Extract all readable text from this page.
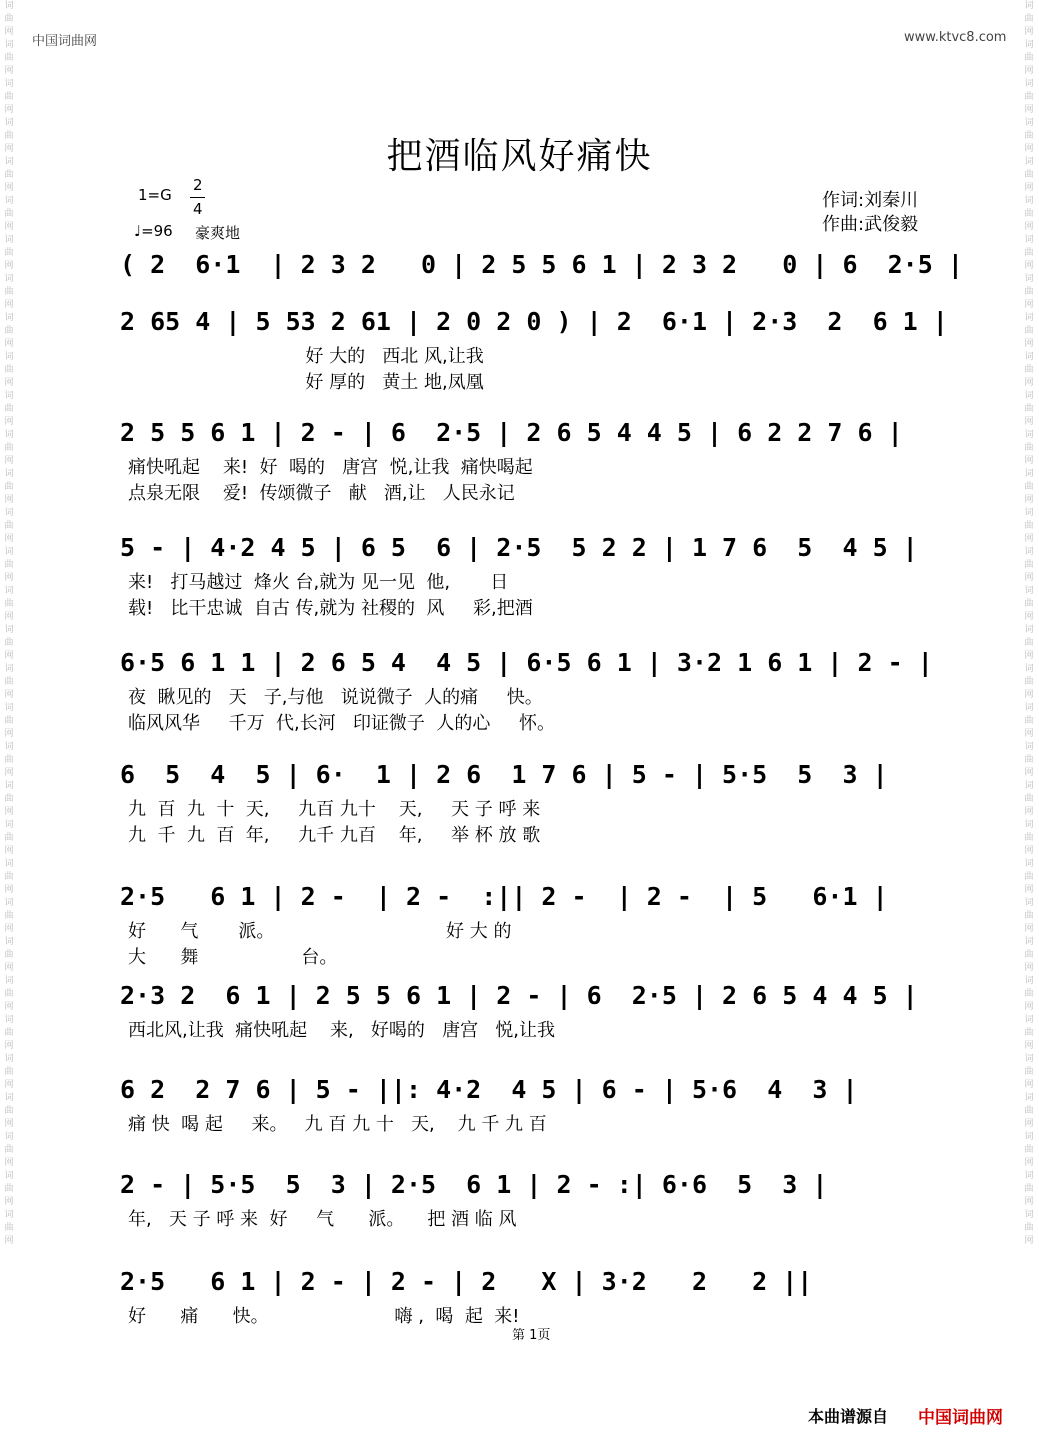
中国词曲网	www.ktvc8.com
词曲网词曲网词曲网词曲网词曲网词曲网词曲网词曲网词曲网词曲网词曲网词曲网词曲网词曲网词曲网词曲网词曲网词曲网词曲网词曲网词曲网词曲网词曲网词曲网词曲网词曲网词曲网词曲网词曲网词曲网词曲网词曲网
词曲网词曲网词曲网词曲网词曲网词曲网词曲网词曲网词曲网词曲网词曲网词曲网词曲网词曲网词曲网词曲网词曲网词曲网词曲网词曲网词曲网词曲网词曲网词曲网词曲网词曲网词曲网词曲网词曲网词曲网词曲网词曲网
把酒临风好痛快
1=G
2
4
♩=96 豪爽地
作词:刘秦川
作曲:武俊毅
第 1页
本曲谱源自 中国词曲网
( 2  6·1  | 2 3 2   0 | 2 5 5 6 1 | 2 3 2   0 | 6  2·5 |
2 65 4 | 5 53 2 61 | 2 0 2 0 ) | 2  6·1 | 2·3  2  6 1 |
好 大的   西北 风,让我
好 厚的   黄土 地,凤凰
2 5 5 6 1 | 2 - | 6  2·5 | 2 6 5 4 4 5 | 6 2 2 7 6 |
痛快吼起    来!  好  喝的   唐宫  悦,让我  痛快喝起
点泉无限    爱!  传颂微子   献   酒,让   人民永记
5 - | 4·2 4 5 | 6 5  6 | 2·5  5 2 2 | 1 7 6  5  4 5 |
来!   打马越过  烽火 台,就为 见一见  他,       日
载!   比干忠诚  自古 传,就为 社稷的  风     彩,把酒
6·5 6 1 1 | 2 6 5 4  4 5 | 6·5 6 1 | 3·2 1 6 1 | 2 - |
夜  瞅见的   天   子,与他   说说微子  人的痛     快。
临风风华     千万  代,长河   印证微子  人的心     怀。
6  5  4  5 | 6·  1 | 2 6  1 7 6 | 5 - | 5·5  5  3 |
九  百  九  十  天,     九百 九十    天,     天 子 呼 来
九  千  九  百  年,     九千 九百    年,     举 杯 放 歌
2·5   6 1 | 2 -  | 2 -  :|| 2 -  | 2 -  | 5   6·1 |
好      气       派。                              好 大 的
大      舞                  台。
2·3 2  6 1 | 2 5 5 6 1 | 2 - | 6  2·5 | 2 6 5 4 4 5 |
西北风,让我  痛快吼起    来,   好喝的   唐宫   悦,让我
6 2  2 7 6 | 5 - ||: 4·2  4 5 | 6 - | 5·6  4  3 |
痛 快  喝 起     来。   九 百 九 十   天,    九 千 九 百
2 - | 5·5  5  3 | 2·5  6 1 | 2 - :| 6·6  5  3 |
年,   天 子 呼 来  好     气      派。    把 酒 临 风
2·5   6 1 | 2 - | 2 - | 2   X | 3·2   2   2 ||
好      痛      快。                      嗨 ,  喝  起  来!
